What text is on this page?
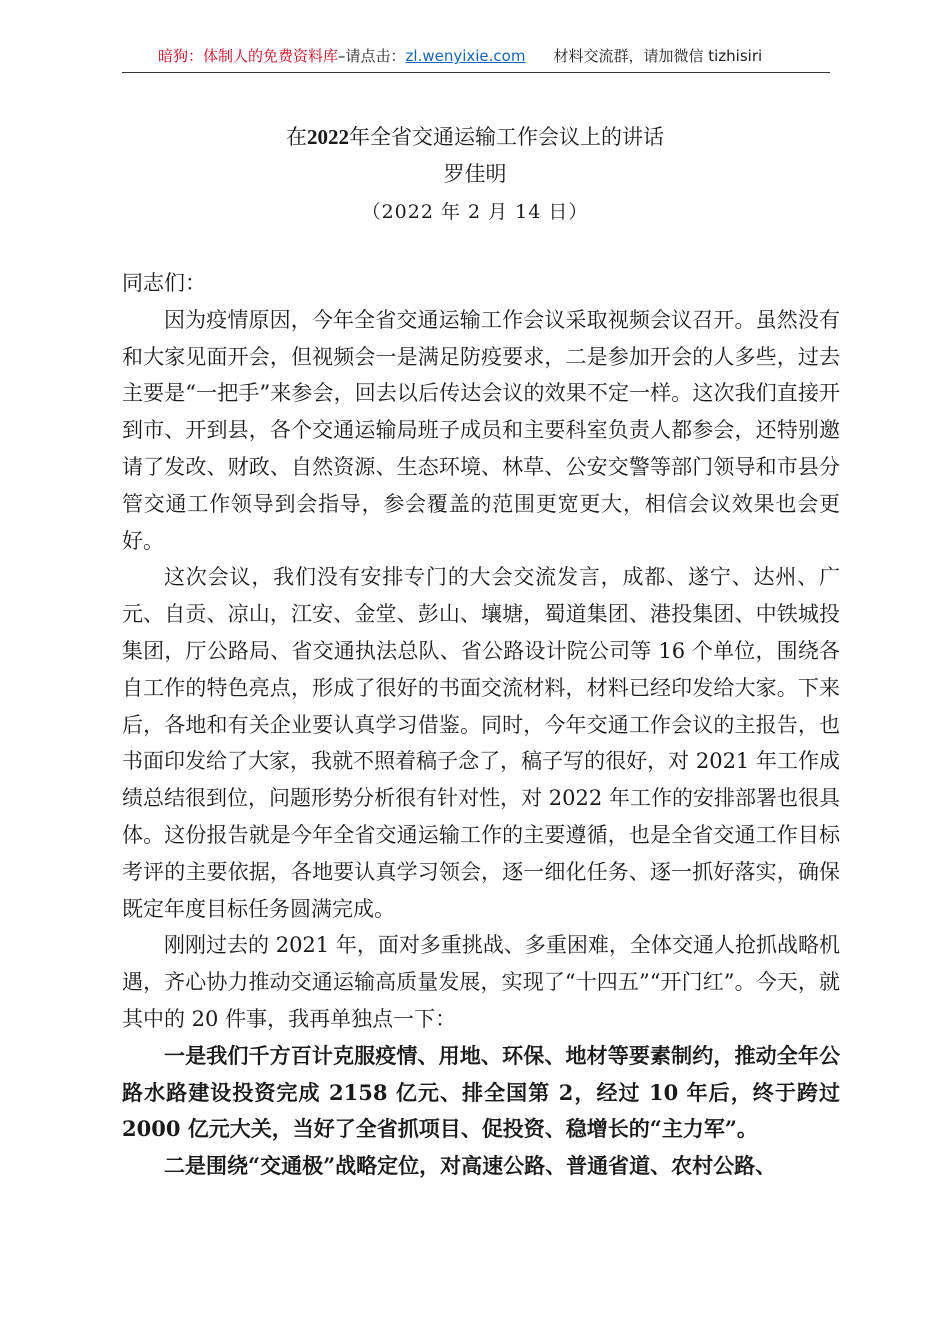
暗狗：体制人的免费资料库 –请点击： zl.wenyixie.com 材料交流群，请加微信 tizhisiri
在2022年全省交通运输工作会议上的讲话
罗佳明
（2022 年 2 月 14 日）

同志们：

因为疫情原因，今年全省交通运输工作会议采取视频会议召开。虽然没有和大家见面开会，但视频会一是满足防疫要求，二是参加开会的人多些，过去主要是“一把手”来参会，回去以后传达会议的效果不定一样。这次我们直接开到市、开到县，各个交通运输局班子成员和主要科室负责人都参会，还特别邀请了发改、财政、自然资源、生态环境、林草、公安交警等部门领导和市县分管交通工作领导到会指导，参会覆盖的范围更宽更大，相信会议效果也会更好。

这次会议，我们没有安排专门的大会交流发言，成都、遂宁、达州、广元、自贡、凉山，江安、金堂、彭山、壤塘，蜀道集团、港投集团、中铁城投集团，厅公路局、省交通执法总队、省公路设计院公司等 16 个单位，围绕各自工作的特色亮点，形成了很好的书面交流材料，材料已经印发给大家。下来后，各地和有关企业要认真学习借鉴。同时，今年交通工作会议的主报告，也书面印发给了大家，我就不照着稿子念了，稿子写的很好，对 2021 年工作成绩总结很到位，问题形势分析很有针对性，对 2022 年工作的安排部署也很具体。这份报告就是今年全省交通运输工作的主要遵循，也是全省交通工作目标考评的主要依据，各地要认真学习领会，逐一细化任务、逐一抓好落实，确保既定年度目标任务圆满完成。

刚刚过去的 2021 年，面对多重挑战、多重困难，全体交通人抢抓战略机遇，齐心协力推动交通运输高质量发展，实现了“十四五”“开门红”。今天，就其中的 20 件事，我再单独点一下：

一是我们千方百计克服疫情、用地、环保、地材等要素制约，推动全年公路水路建设投资完成 2158 亿元、排全国第 2，经过 10 年后，终于跨过 2000 亿元大关，当好了全省抓项目、促投资、稳增长的“主力军”。

二是围绕“交通极”战略定位，对高速公路、普通省道、农村公路、
